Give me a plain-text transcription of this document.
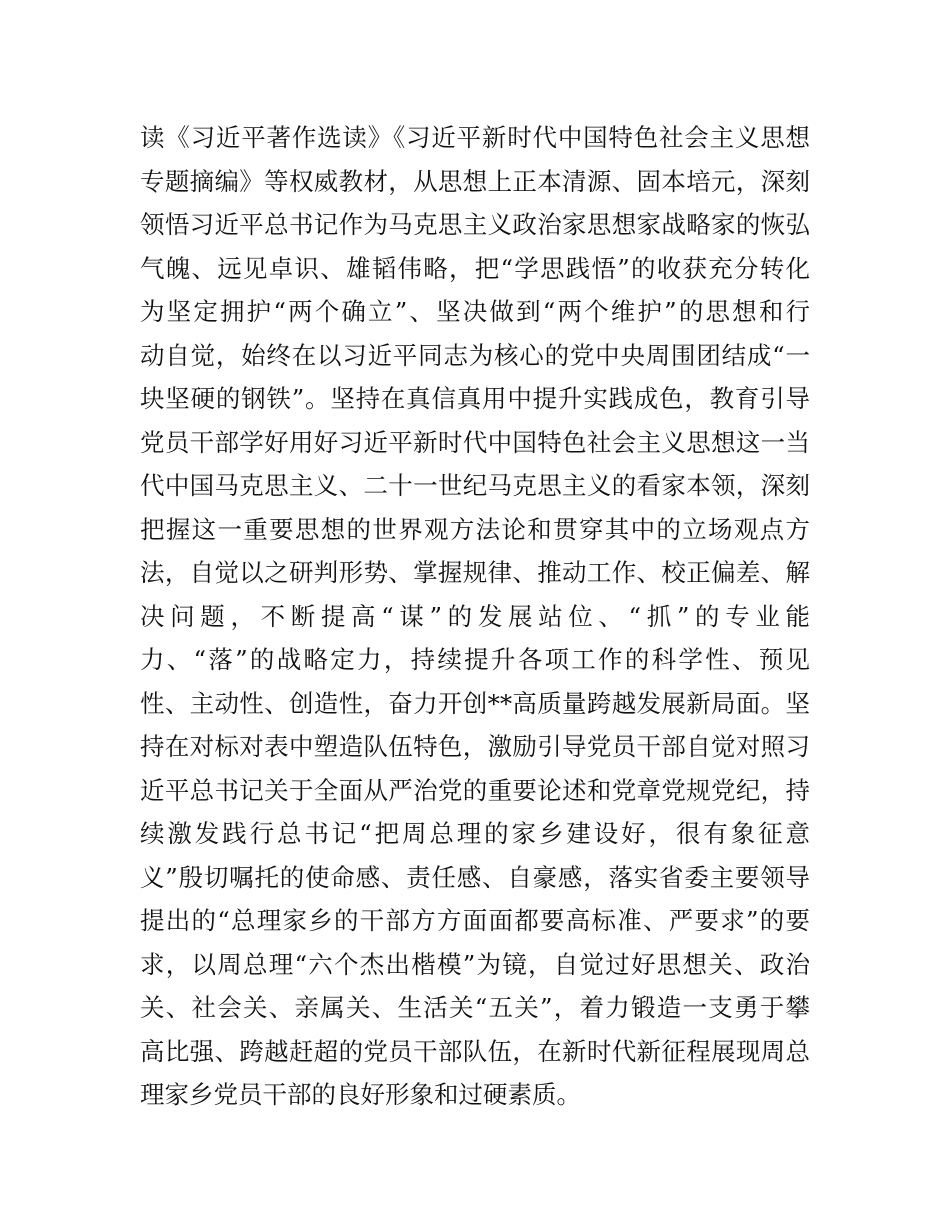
读《习近平著作选读》《习近平新时代中国特色社会主义思想
专题摘编》等权威教材，从思想上正本清源、固本培元，深刻
领悟习近平总书记作为马克思主义政治家思想家战略家的恢弘
气魄、远见卓识、雄韬伟略，把“学思践悟”的收获充分转化
为坚定拥护“两个确立”、坚决做到“两个维护”的思想和行
动自觉，始终在以习近平同志为核心的党中央周围团结成“一
块坚硬的钢铁”。坚持在真信真用中提升实践成色，教育引导
党员干部学好用好习近平新时代中国特色社会主义思想这一当
代中国马克思主义、二十一世纪马克思主义的看家本领，深刻
把握这一重要思想的世界观方法论和贯穿其中的立场观点方
法，自觉以之研判形势、掌握规律、推动工作、校正偏差、解
决问题，不断提高“谋”的发展站位、“抓”的专业能
力、“落”的战略定力，持续提升各项工作的科学性、预见
性、主动性、创造性，奋力开创**高质量跨越发展新局面。坚
持在对标对表中塑造队伍特色，激励引导党员干部自觉对照习
近平总书记关于全面从严治党的重要论述和党章党规党纪，持
续激发践行总书记“把周总理的家乡建设好，很有象征意
义”殷切嘱托的使命感、责任感、自豪感，落实省委主要领导
提出的“总理家乡的干部方方面面都要高标准、严要求”的要
求，以周总理“六个杰出楷模”为镜，自觉过好思想关、政治
关、社会关、亲属关、生活关“五关”，着力锻造一支勇于攀
高比强、跨越赶超的党员干部队伍，在新时代新征程展现周总
理家乡党员干部的良好形象和过硬素质。
